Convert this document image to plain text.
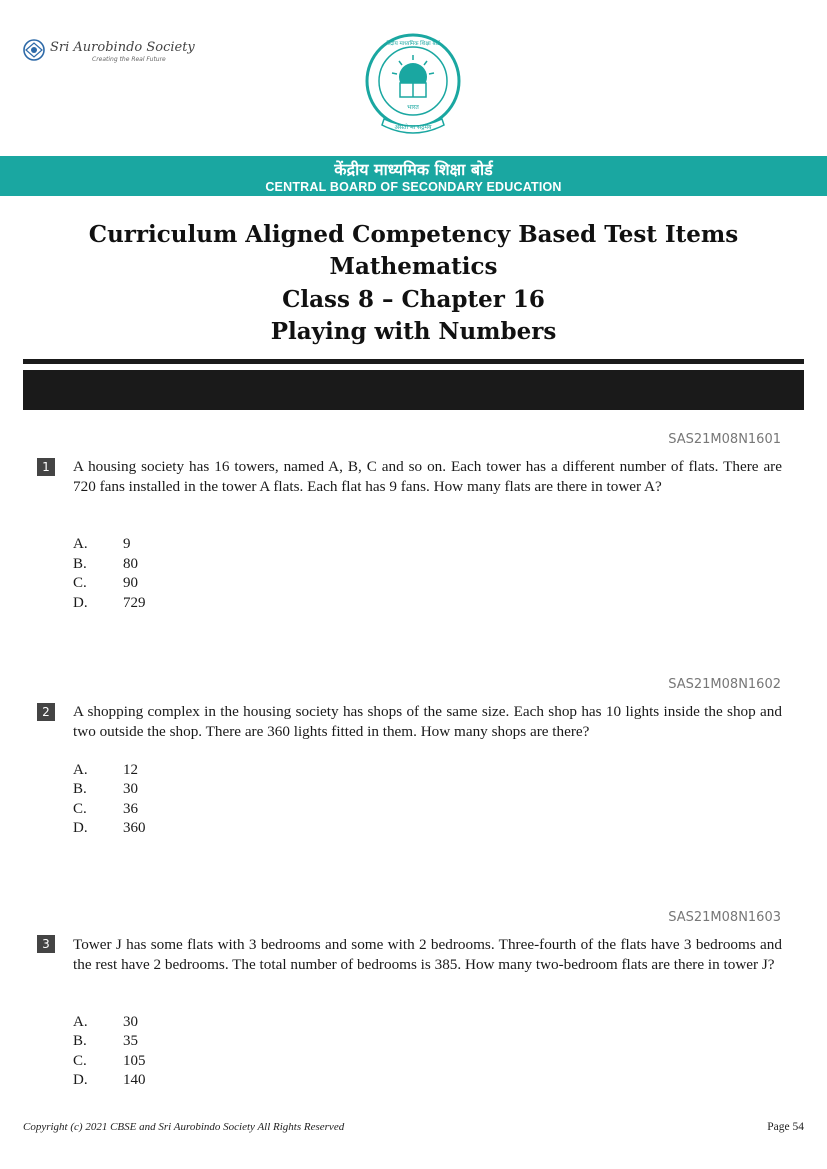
Sri Aurobindo Society
Creating the Real Future
असतो मा सद्गमय
भारत
केंद्रीय माध्यमिक शिक्षा बोर्ड
केंद्रीय माध्यमिक शिक्षा बोर्ड
CENTRAL BOARD OF SECONDARY EDUCATION
Curriculum Aligned Competency Based Test Items
Mathematics
Class 8 – Chapter 16
Playing with Numbers
SAS21M08N1601
1	A housing society has 16 towers, named A, B, C and so on. Each tower has a different number of flats. There are 720 fans installed in the tower A flats. Each flat has 9 fans. How many flats are there in tower A?
A. 9
B. 80
C. 90
D. 729
SAS21M08N1602
2	A shopping complex in the housing society has shops of the same size. Each shop has 10 lights inside the shop and two outside the shop. There are 360 lights fitted in them. How many shops are there?
A. 12
B. 30
C. 36
D. 360
SAS21M08N1603
3	Tower J has some flats with 3 bedrooms and some with 2 bedrooms. Three-fourth of the flats have 3 bedrooms and the rest have 2 bedrooms. The total number of bedrooms is 385. How many two-bedroom flats are there in tower J?
A. 30
B. 35
C. 105
D. 140
Copyright (c) 2021 CBSE and Sri Aurobindo Society All Rights Reserved	Page 54
